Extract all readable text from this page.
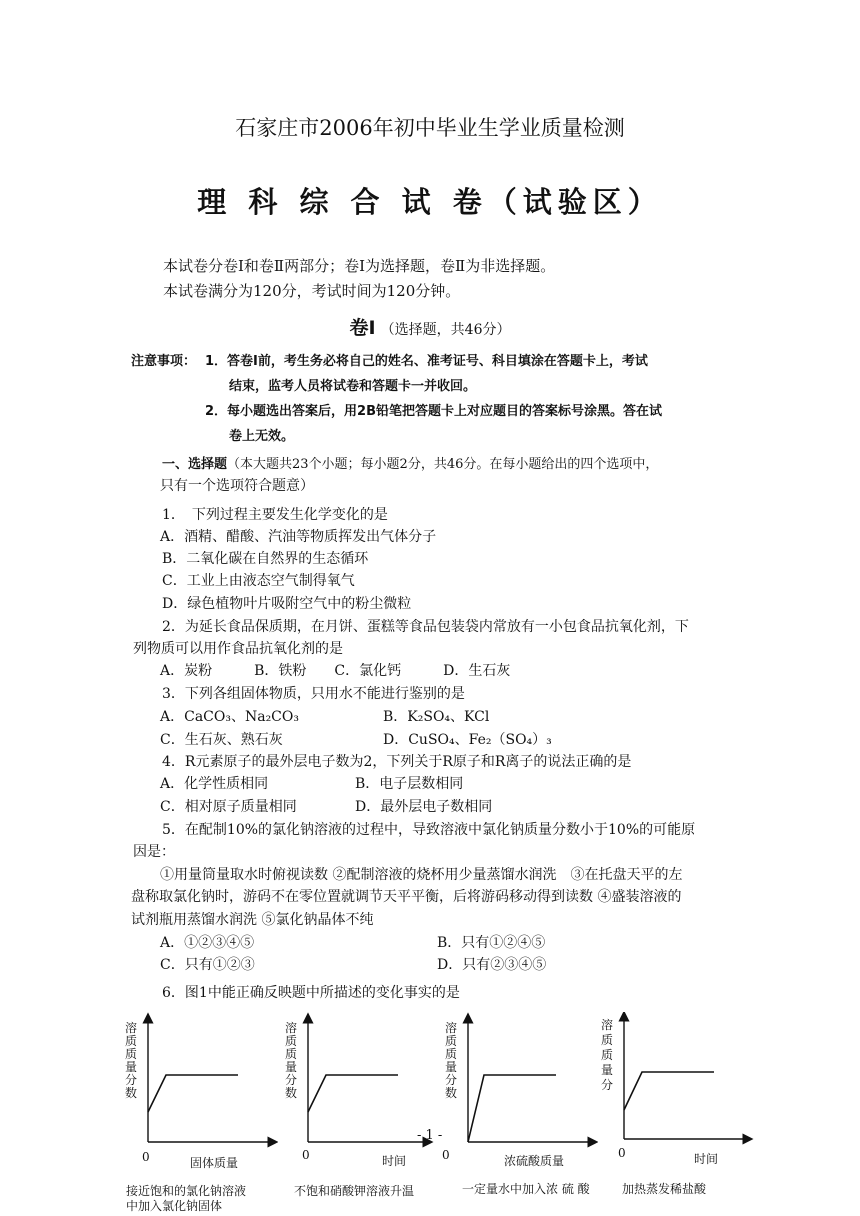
石家庄市2006年初中毕业生学业质量检测
理 科 综 合 试 卷（试验区）
本试卷分卷Ⅰ和卷Ⅱ两部分；卷Ⅰ为选择题，卷Ⅱ为非选择题。
本试卷满分为120分，考试时间为120分钟。
卷Ⅰ （选择题，共46分）
注意事项： 1．答卷Ⅰ前，考生务必将自己的姓名、准考证号、科目填涂在答题卡上，考试
结束，监考人员将试卷和答题卡一并收回。
2．每小题选出答案后，用2B铅笔把答题卡上对应题目的答案标号涂黑。答在试
卷上无效。
一、选择题（本大题共23个小题；每小题2分，共46分。在每小题给出的四个选项中，
只有一个选项符合题意）
1．　下列过程主要发生化学变化的是
A．酒精、醋酸、汽油等物质挥发出气体分子
B．二氧化碳在自然界的生态循环
C．工业上由液态空气制得氧气
D．绿色植物叶片吸附空气中的粉尘微粒
2．为延长食品保质期，在月饼、蛋糕等食品包装袋内常放有一小包食品抗氧化剂，下
列物质可以用作食品抗氧化剂的是
A．炭粉　　　B．铁粉　　C．氯化钙　　　D．生石灰
3．下列各组固体物质，只用水不能进行鉴别的是
A．CaCO₃、Na₂CO₃	B．K₂SO₄、KCl
C．生石灰、熟石灰	D．CuSO₄、Fe₂（SO₄）₃
4．R元素原子的最外层电子数为2，下列关于R原子和R离子的说法正确的是
A．化学性质相同	B．电子层数相同
C．相对原子质量相同	D．最外层电子数相同
5．在配制10%的氯化钠溶液的过程中，导致溶液中氯化钠质量分数小于10%的可能原
因是：
①用量筒量取水时俯视读数 ②配制溶液的烧杯用少量蒸馏水润洗　③在托盘天平的左
盘称取氯化钠时，游码不在零位置就调节天平平衡，后将游码移动得到读数 ④盛装溶液的
试剂瓶用蒸馏水润洗 ⑤氯化钠晶体不纯
A．①②③④⑤	B．只有①②④⑤
C．只有①②③	D．只有②③④⑤
6．图1中能正确反映题中所描述的变化事实的是
溶
质
质
量
分
数
0	固体质量
接近饱和的氯化钠溶液
中加入氯化钠固体
溶
质
质
量
分
数
0	时间
不饱和硝酸钾溶液升温
- 1 -
溶
质
质
量
分
数
0	浓硫酸质量
一定量水中加入浓 硫 酸
溶
质
质
量
分
0	时间
加热蒸发稀盐酸
